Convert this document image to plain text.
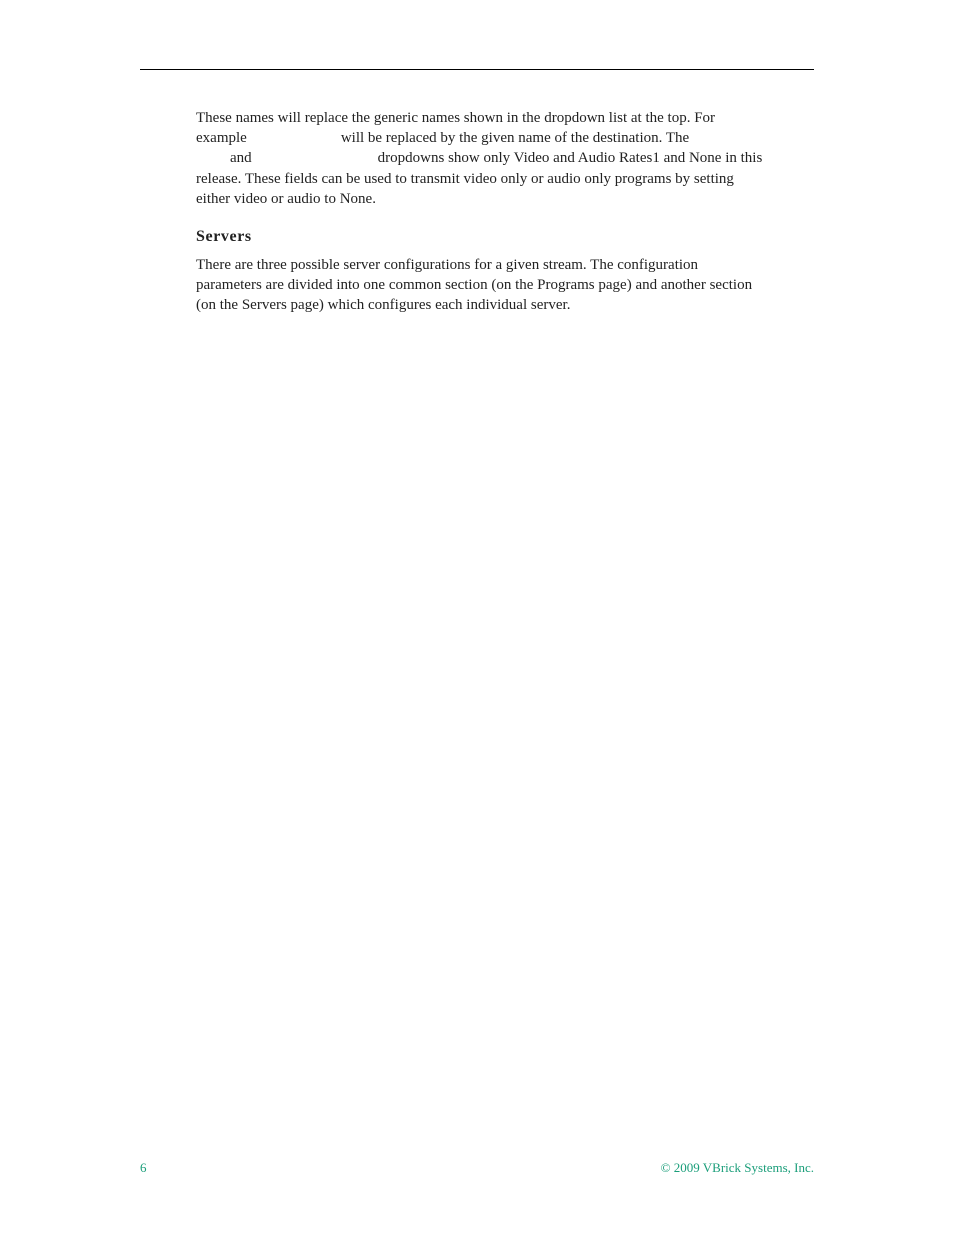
These names will replace the generic names shown in the dropdown list at the top. For
example	will be replaced by the given name of the destination. The
and	dropdowns show only Video and Audio Rates1 and None in this
release. These fields can be used to transmit video only or audio only programs by setting
either video or audio to None.

Servers

There are three possible server configurations for a given stream. The configuration
parameters are divided into one common section (on the Programs page) and another section
(on the Servers page) which configures each individual server.

6	© 2009 VBrick Systems, Inc.
